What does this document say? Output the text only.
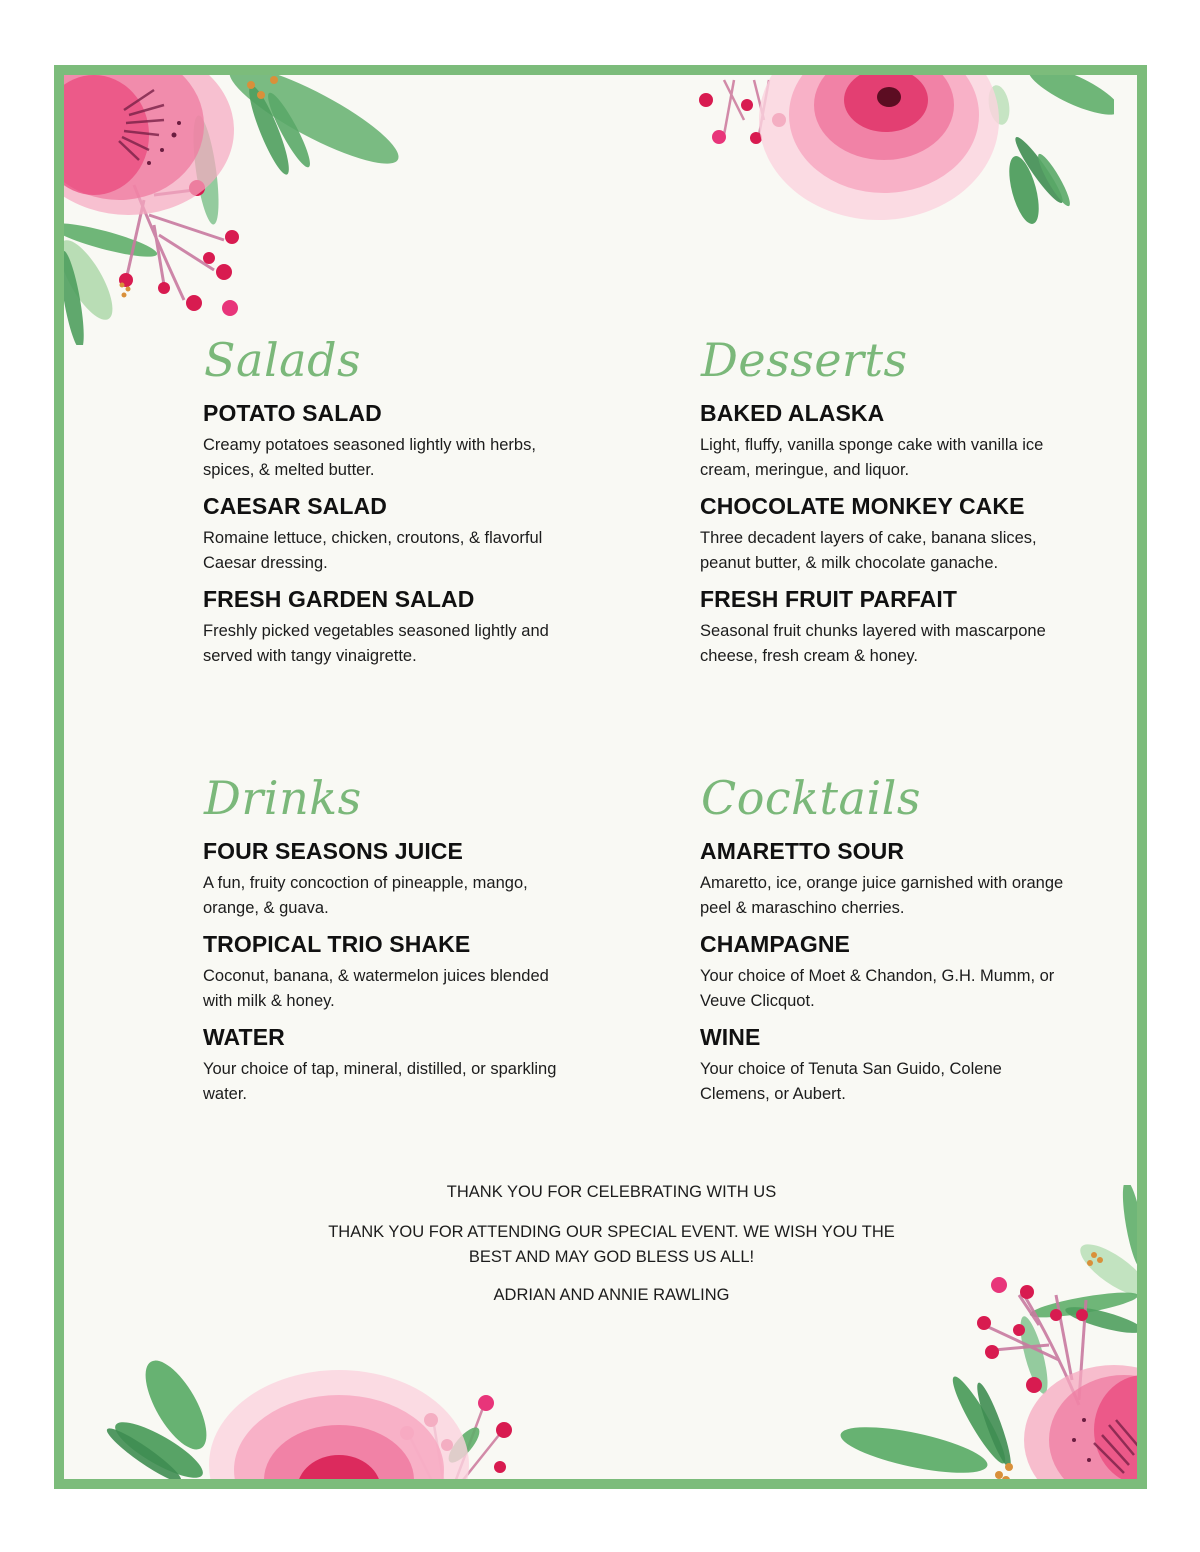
Salads
POTATO SALAD
Creamy potatoes seasoned lightly with herbs, spices, & melted butter.
CAESAR SALAD
Romaine lettuce, chicken, croutons, & flavorful Caesar dressing.
FRESH GARDEN SALAD
Freshly picked vegetables seasoned lightly and served with tangy vinaigrette.
Desserts
BAKED ALASKA
Light, fluffy, vanilla sponge cake with vanilla ice cream, meringue, and liquor.
CHOCOLATE MONKEY CAKE
Three decadent layers of cake, banana slices, peanut butter, & milk chocolate ganache.
FRESH FRUIT PARFAIT
Seasonal fruit chunks layered with mascarpone cheese, fresh cream & honey.
Drinks
FOUR SEASONS JUICE
A fun, fruity concoction of pineapple, mango, orange, & guava.
TROPICAL TRIO SHAKE
Coconut, banana, & watermelon juices blended with milk & honey.
WATER
Your choice of tap, mineral, distilled, or sparkling water.
Cocktails
AMARETTO SOUR
Amaretto, ice, orange juice garnished with orange peel & maraschino cherries.
CHAMPAGNE
Your choice of Moet & Chandon, G.H. Mumm, or Veuve Clicquot.
WINE
Your choice of Tenuta San Guido, Colene Clemens, or Aubert.

THANK YOU FOR CELEBRATING WITH US

THANK YOU FOR ATTENDING OUR SPECIAL EVENT. WE WISH YOU THE BEST AND MAY GOD BLESS US ALL!

ADRIAN AND ANNIE RAWLING
